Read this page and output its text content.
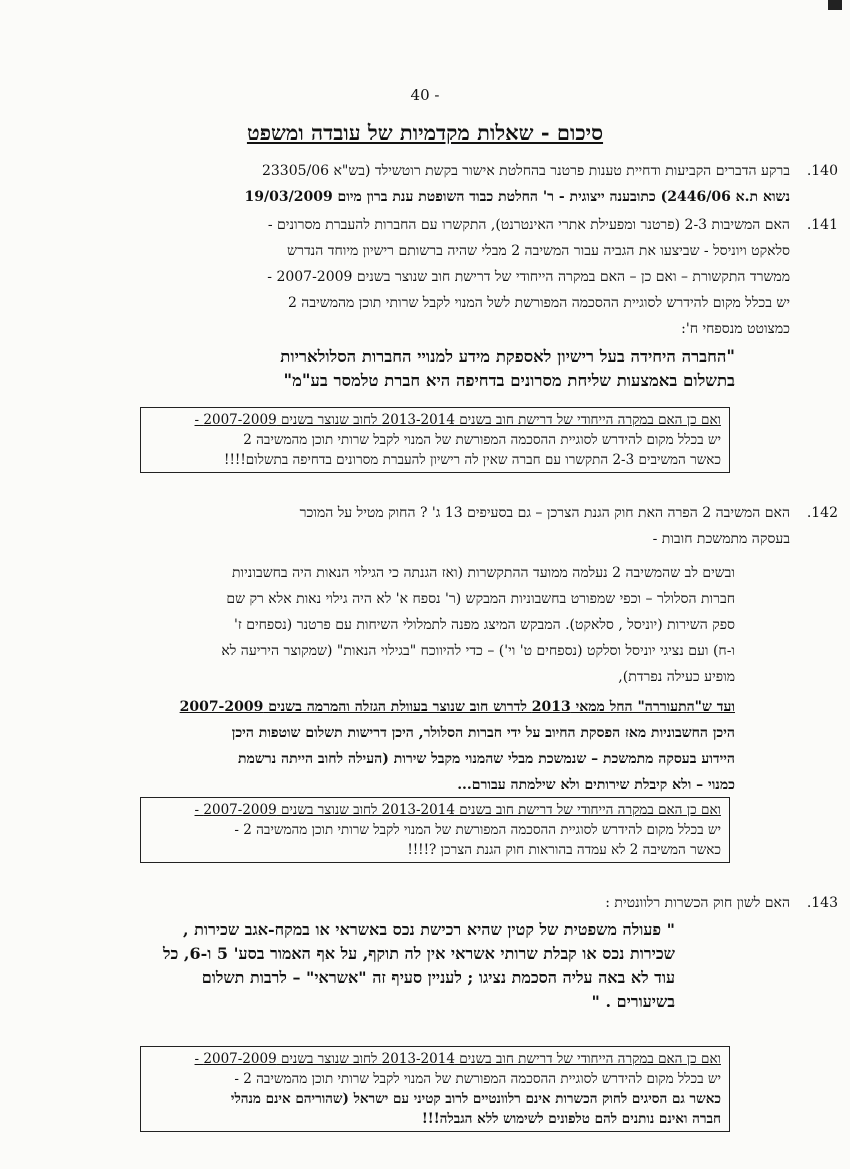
40 -
סיכום - שאלות מקדמיות של עובדה ומשפט
.140
ברקע הדברים הקביעות ודחיית טענות פרטנר בהחלטת אישור בקשת רוטשילד (בש"א 23305/06
נשוא ת.א 2446/06) כתובענה ייצוגית - ר' החלטת כבוד השופטת ענת ברון מיום 19/03/2009
.141
האם המשיבות 2-3 (פרטנר ומפעילת אתרי האינטרנט), התקשרו עם החברות להעברת מסרונים -
סלאקט ויוניסל - שביצעו את הגביה עבור המשיבה 2 מבלי שהיה ברשותם רישיון מיוחד הנדרש
ממשרד התקשורת – ואם כן – האם במקרה הייחודי של דרישת חוב שנוצר בשנים 2007-2009 -
יש בכלל מקום להידרש לסוגיית ההסכמה המפורשת לשל המנוי לקבל שרותי תוכן מהמשיבה 2
כמצוטט מנספחי ח':
"החברה היחידה בעל רישיון לאספקת מידע למנויי החברות הסלולאריות
בתשלום באמצעות שליחת מסרונים בדחיפה היא חברת טלמסר בע"מ"
ואם כן האם במקרה הייחודי של דרישת חוב בשנים 2013-2014 לחוב שנוצר בשנים 2007-2009 -
יש בכלל מקום להידרש לסוגיית ההסכמה המפורשת של המנוי לקבל שרותי תוכן מהמשיבה 2
כאשר המשיבים 2-3 התקשרו עם חברה שאין לה רישיון להעברת מסרונים בדחיפה בתשלום!!!!
.142
האם המשיבה 2 הפרה האת חוק הגנת הצרכן – גם בסעיפים 13 ג' ? החוק מטיל על המוכר
בעסקה מתמשכת חובות -
ובשים לב שהמשיבה 2 נעלמה ממועד ההתקשרות (ואז הגנתה כי הגילוי הנאות היה בחשבוניות
חברות הסלולר – וכפי שמפורט בחשבוניות המבקש (ר' נספח א' לא היה גילוי נאות אלא רק שם
ספק השירות (יוניסל , סלאקט). המבקש המיצג מפנה לתמלולי השיחות עם פרטנר (נספחים ז'
ו-ח) ועם נציגי יוניסל וסלקט (נספחים ט' וי') – כדי להיווכח "בגילוי הנאות" (שמקוצר היריעה לא
מופיע כעילה נפרדת),
ועד ש"התעוררה" החל ממאי 2013 לדרוש חוב שנוצר בעוולת הגזלה והמרמה בשנים 2007-2009
היכן החשבוניות מאז הפסקת החיוב על ידי חברות הסלולר, היכן דרישות תשלום שוטפות היכן
היידוע בעסקה מתמשכת – שנמשכת מבלי שהמנוי מקבל שירות (העילה לחוב הייתה נרשמת
כמנוי – ולא קיבלת שירותים ולא שילמתה עבורם...
ואם כן האם במקרה הייחודי של דרישת חוב בשנים 2013-2014 לחוב שנוצר בשנים 2007-2009 -
יש בכלל מקום להידרש לסוגיית ההסכמה המפורשת של המנוי לקבל שרותי תוכן מהמשיבה 2 -
כאשר המשיבה 2 לא עמדה בהוראות חוק הגנת הצרכן ?!!!!
.143
האם לשון חוק הכשרות רלוונטית :
" פעולה משפטית של קטין שהיא רכישת נכס באשראי או במקח-אגב שכירות ,
שכירות נכס או קבלת שרותי אשראי אין לה תוקף, על אף האמור בסע' 5 ו-6, כל
עוד לא באה עליה הסכמת נציגו ; לעניין סעיף זה "אשראי" – לרבות תשלום
בשיעורים . "
ואם כן האם במקרה הייחודי של דרישת חוב בשנים 2013-2014 לחוב שנוצר בשנים 2007-2009 -
יש בכלל מקום להידרש לסוגיית ההסכמה המפורשת של המנוי לקבל שרותי תוכן מהמשיבה 2 -
כאשר גם הסיגים לחוק הכשרות אינם רלוונטיים לרוב קטיני עם ישראל (שהוריהם אינם מנהלי
חברה ואינם נותנים להם טלפונים לשימוש ללא הגבלה!!!
